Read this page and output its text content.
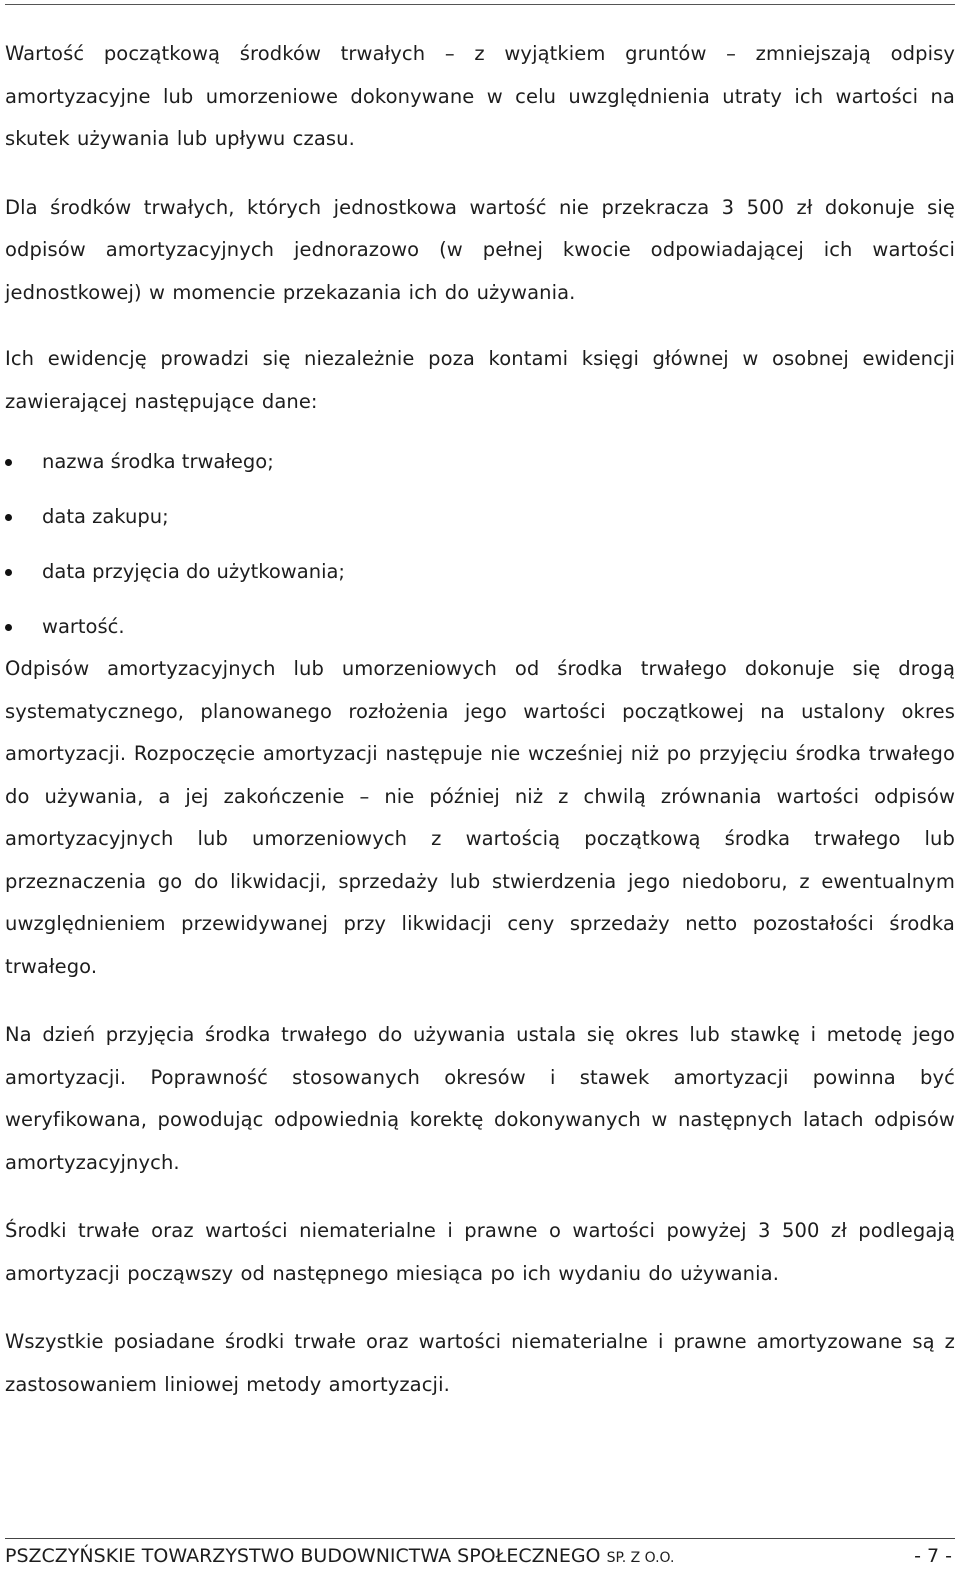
Wartość początkową środków trwałych – z wyjątkiem gruntów – zmniejszają odpisy amortyzacyjne lub umorzeniowe dokonywane w celu uwzględnienia utraty ich wartości na skutek używania lub upływu czasu.

Dla środków trwałych, których jednostkowa wartość nie przekracza 3 500 zł dokonuje się odpisów amortyzacyjnych jednorazowo (w pełnej kwocie odpowiadającej ich wartości jednostkowej) w momencie przekazania ich do używania.

Ich ewidencję prowadzi się niezależnie poza kontami księgi głównej w osobnej ewidencji zawierającej następujące dane:

nazwa środka trwałego;
data zakupu;
data przyjęcia do użytkowania;
wartość.

Odpisów amortyzacyjnych lub umorzeniowych od środka trwałego dokonuje się drogą systematycznego, planowanego rozłożenia jego wartości początkowej na ustalony okres amortyzacji. Rozpoczęcie amortyzacji następuje nie wcześniej niż po przyjęciu środka trwałego do używania, a jej zakończenie – nie później niż z chwilą zrównania wartości odpisów amortyzacyjnych lub umorzeniowych z wartością początkową środka trwałego lub przeznaczenia go do likwidacji, sprzedaży lub stwierdzenia jego niedoboru, z ewentualnym uwzględnieniem przewidywanej przy likwidacji ceny sprzedaży netto pozostałości środka trwałego.

Na dzień przyjęcia środka trwałego do używania ustala się okres lub stawkę i metodę jego amortyzacji. Poprawność stosowanych okresów i stawek amortyzacji powinna być weryfikowana, powodując odpowiednią korektę dokonywanych w następnych latach odpisów amortyzacyjnych.

Środki trwałe oraz wartości niematerialne i prawne o wartości powyżej 3 500 zł podlegają amortyzacji począwszy od następnego miesiąca po ich wydaniu do używania.

Wszystkie posiadane środki trwałe oraz wartości niematerialne i prawne amortyzowane są z zastosowaniem liniowej metody amortyzacji.

PSZCZYŃSKIE TOWARZYSTWO BUDOWNICTWA SPOŁECZNEGO SP. Z O.O.	- 7 -
